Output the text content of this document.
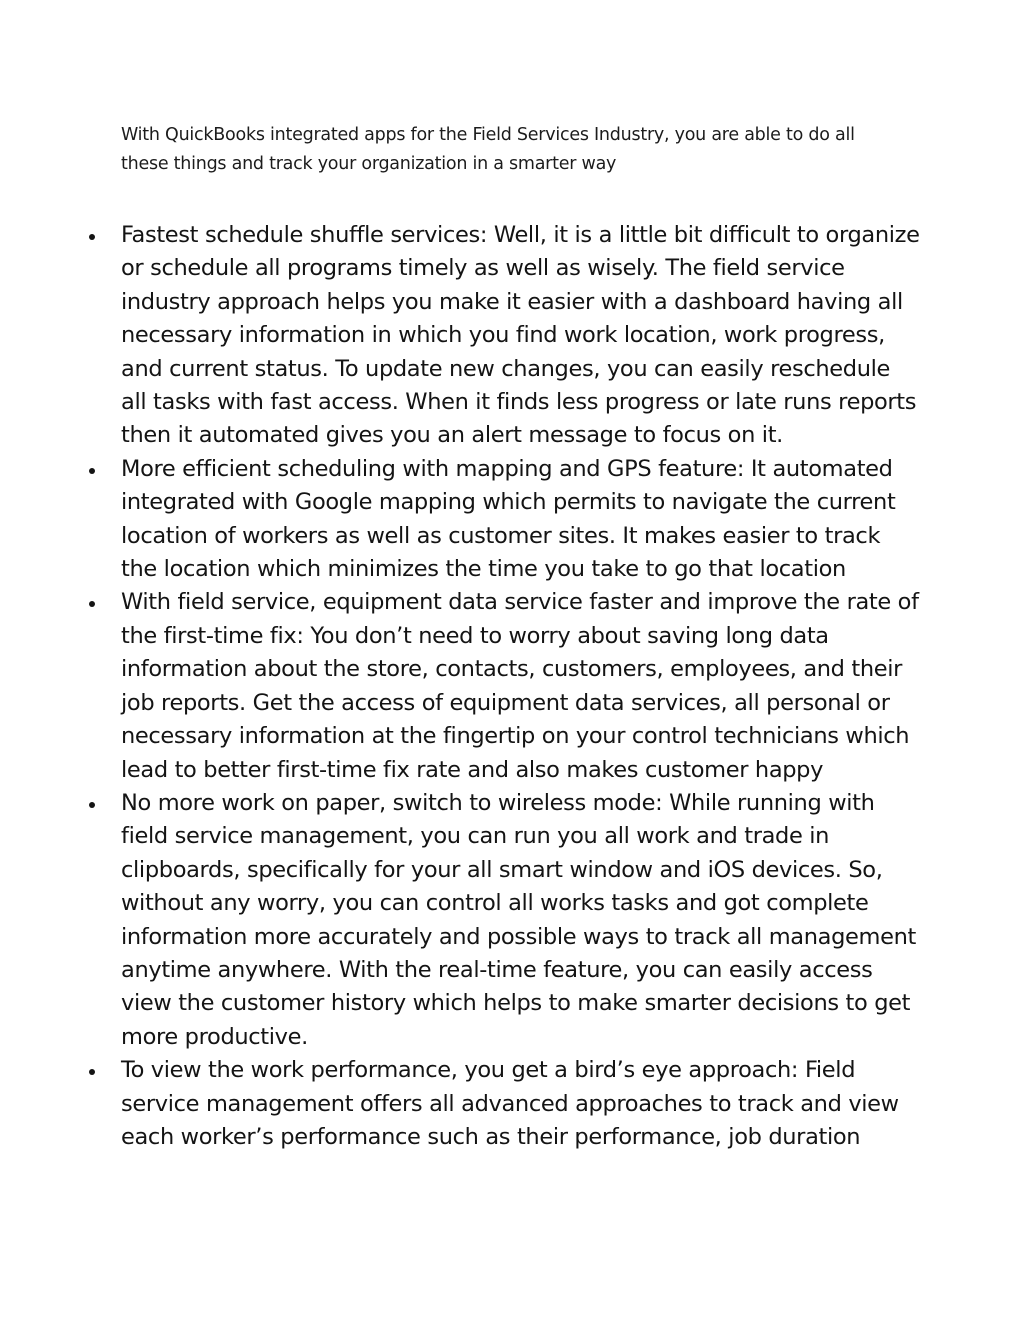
With QuickBooks integrated apps for the Field Services Industry, you are able to do all these things and track your organization in a smarter way

Fastest schedule shuffle services: Well, it is a little bit difficult to organize or schedule all programs timely as well as wisely. The field service industry approach helps you make it easier with a dashboard having all necessary information in which you find work location, work progress, and current status. To update new changes, you can easily reschedule all tasks with fast access. When it finds less progress or late runs reports then it automated gives you an alert message to focus on it.
More efficient scheduling with mapping and GPS feature: It automated integrated with Google mapping which permits to navigate the current location of workers as well as customer sites. It makes easier to track the location which minimizes the time you take to go that location
With field service, equipment data service faster and improve the rate of the first-time fix: You don’t need to worry about saving long data information about the store, contacts, customers, employees, and their job reports. Get the access of equipment data services, all personal or necessary information at the fingertip on your control technicians which lead to better first-time fix rate and also makes customer happy
No more work on paper, switch to wireless mode: While running with field service management, you can run you all work and trade in clipboards, specifically for your all smart window and iOS devices. So, without any worry, you can control all works tasks and got complete information more accurately and possible ways to track all management anytime anywhere. With the real-time feature, you can easily access view the customer history which helps to make smarter decisions to get more productive.
To view the work performance, you get a bird’s eye approach: Field service management offers all advanced approaches to track and view each worker’s performance such as their performance, job duration
